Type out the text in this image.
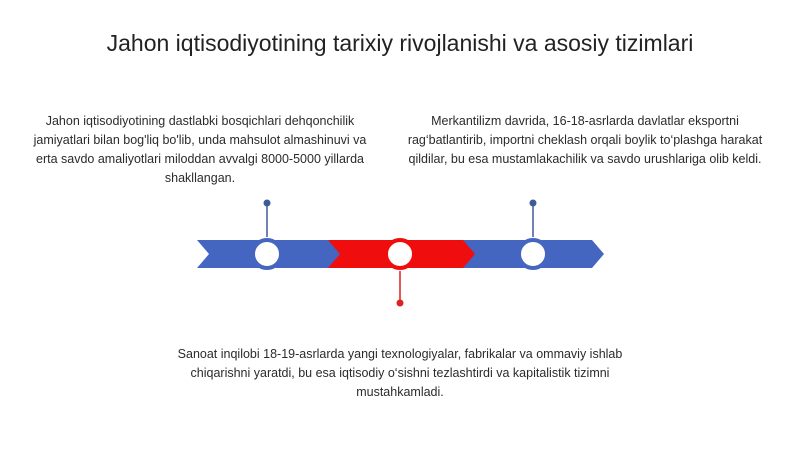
Jahon iqtisodiyotining tarixiy rivojlanishi va asosiy tizimlari
Jahon iqtisodiyotining dastlabki bosqichlari dehqonchilik jamiyatlari bilan bog'liq bo'lib, unda mahsulot almashinuvi va erta savdo amaliyotlari miloddan avvalgi 8000-5000 yillarda shakllangan.
Merkantilizm davrida, 16-18-asrlarda davlatlar eksportni rag‘batlantirib, importni cheklash orqali boylik to‘plashga harakat qildilar, bu esa mustamlakachilik va savdo urushlariga olib keldi.
Sanoat inqilobi 18-19-asrlarda yangi texnologiyalar, fabrikalar va ommaviy ishlab chiqarishni yaratdi, bu esa iqtisodiy o‘sishni tezlashtirdi va kapitalistik tizimni mustahkamladi.
